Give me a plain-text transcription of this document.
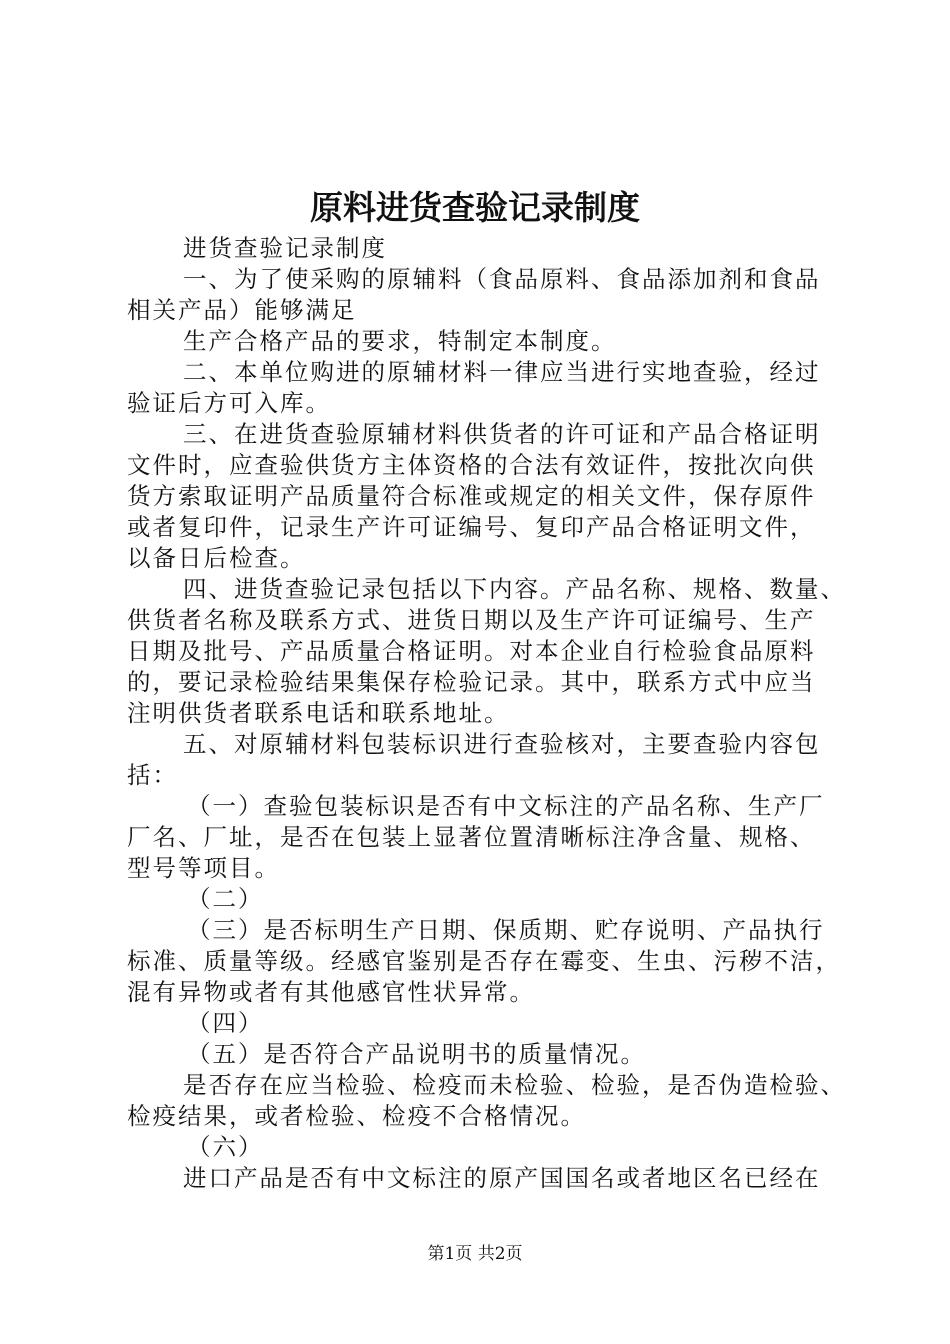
原料进货查验记录制度
进货查验记录制度
一、为了使采购的原辅料（食品原料、食品添加剂和食品
相关产品）能够满足
生产合格产品的要求，特制定本制度。
二、本单位购进的原辅材料一律应当进行实地查验，经过
验证后方可入库。
三、在进货查验原辅材料供货者的许可证和产品合格证明
文件时，应查验供货方主体资格的合法有效证件，按批次向供
货方索取证明产品质量符合标准或规定的相关文件，保存原件
或者复印件，记录生产许可证编号、复印产品合格证明文件，
以备日后检查。
四、进货查验记录包括以下内容。产品名称、规格、数量、
供货者名称及联系方式、进货日期以及生产许可证编号、生产
日期及批号、产品质量合格证明。对本企业自行检验食品原料
的，要记录检验结果集保存检验记录。其中，联系方式中应当
注明供货者联系电话和联系地址。
五、对原辅材料包装标识进行查验核对，主要查验内容包
括：
（一）查验包装标识是否有中文标注的产品名称、生产厂
厂名、厂址，是否在包装上显著位置清晰标注净含量、规格、
型号等项目。
（二）
（三）是否标明生产日期、保质期、贮存说明、产品执行
标准、质量等级。经感官鉴别是否存在霉变、生虫、污秽不洁，
混有异物或者有其他感官性状异常。
（四）
（五）是否符合产品说明书的质量情况。
是否存在应当检验、检疫而未检验、检验，是否伪造检验、
检疫结果，或者检验、检疫不合格情况。
（六）
进口产品是否有中文标注的原产国国名或者地区名已经在
第1页 共2页
